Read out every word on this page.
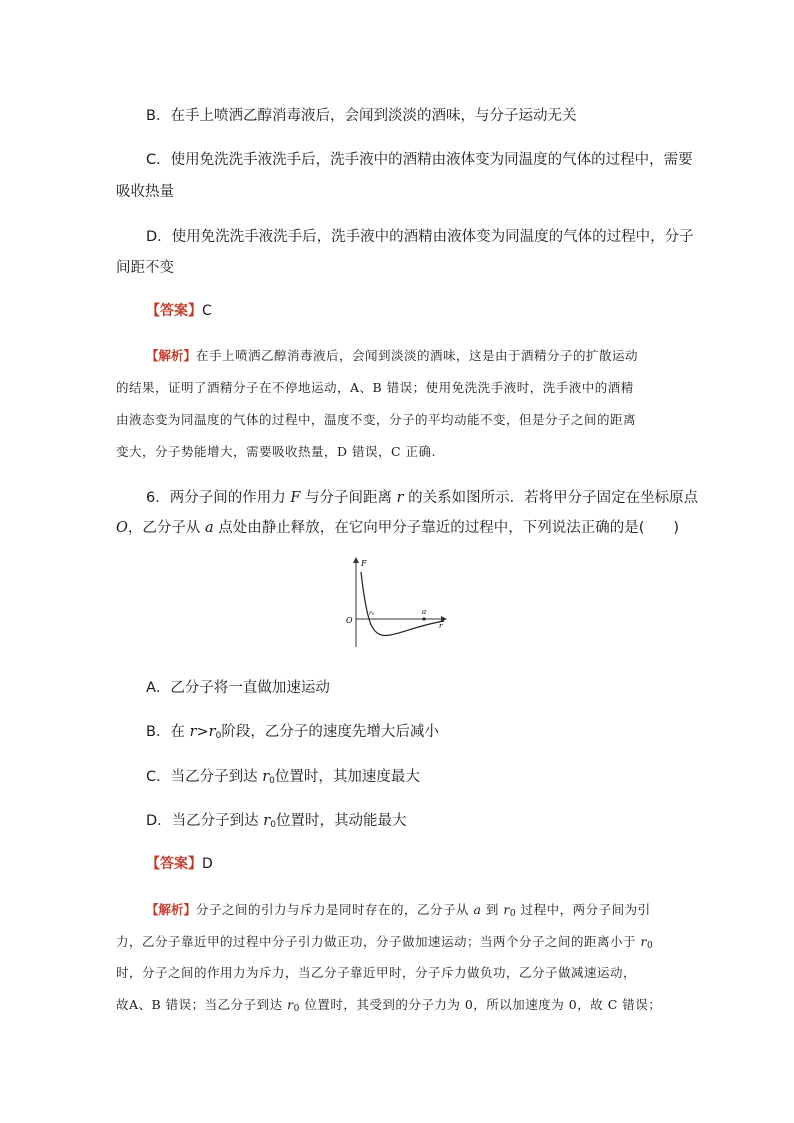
B．在手上喷洒乙醇消毒液后，会闻到淡淡的酒味，与分子运动无关
C．使用免洗洗手液洗手后，洗手液中的酒精由液体变为同温度的气体的过程中，需要
吸收热量
D．使用免洗洗手液洗手后，洗手液中的酒精由液体变为同温度的气体的过程中，分子
间距不变
【答案】C
【解析】在手上喷洒乙醇消毒液后，会闻到淡淡的酒味，这是由于酒精分子的扩散运动
的结果，证明了酒精分子在不停地运动，A、B 错误；使用免洗洗手液时，洗手液中的酒精
由液态变为同温度的气体的过程中，温度不变，分子的平均动能不变，但是分子之间的距离
变大，分子势能增大，需要吸收热量，D 错误，C 正确.
6．两分子间的作用力 F 与分子间距离 r 的关系如图所示．若将甲分子固定在坐标原点
O，乙分子从 a 点处由静止释放，在它向甲分子靠近的过程中，下列说法正确的是(　　)
F
O
r₀	a
r
A．乙分子将一直做加速运动
B．在 $r>r_0$阶段，乙分子的速度先增大后减小
C．当乙分子到达 $r_0$位置时，其加速度最大
D．当乙分子到达 $r_0$位置时，其动能最大
【答案】D
【解析】分子之间的引力与斥力是同时存在的，乙分子从 a 到 $r_0$ 过程中，两分子间为引
力，乙分子靠近甲的过程中分子引力做正功，分子做加速运动；当两个分子之间的距离小于 $r_0$
时，分子之间的作用力为斥力，当乙分子靠近甲时，分子斥力做负功，乙分子做减速运动，
故A、B 错误；当乙分子到达 $r_0$ 位置时，其受到的分子力为 0，所以加速度为 0，故 C 错误；
